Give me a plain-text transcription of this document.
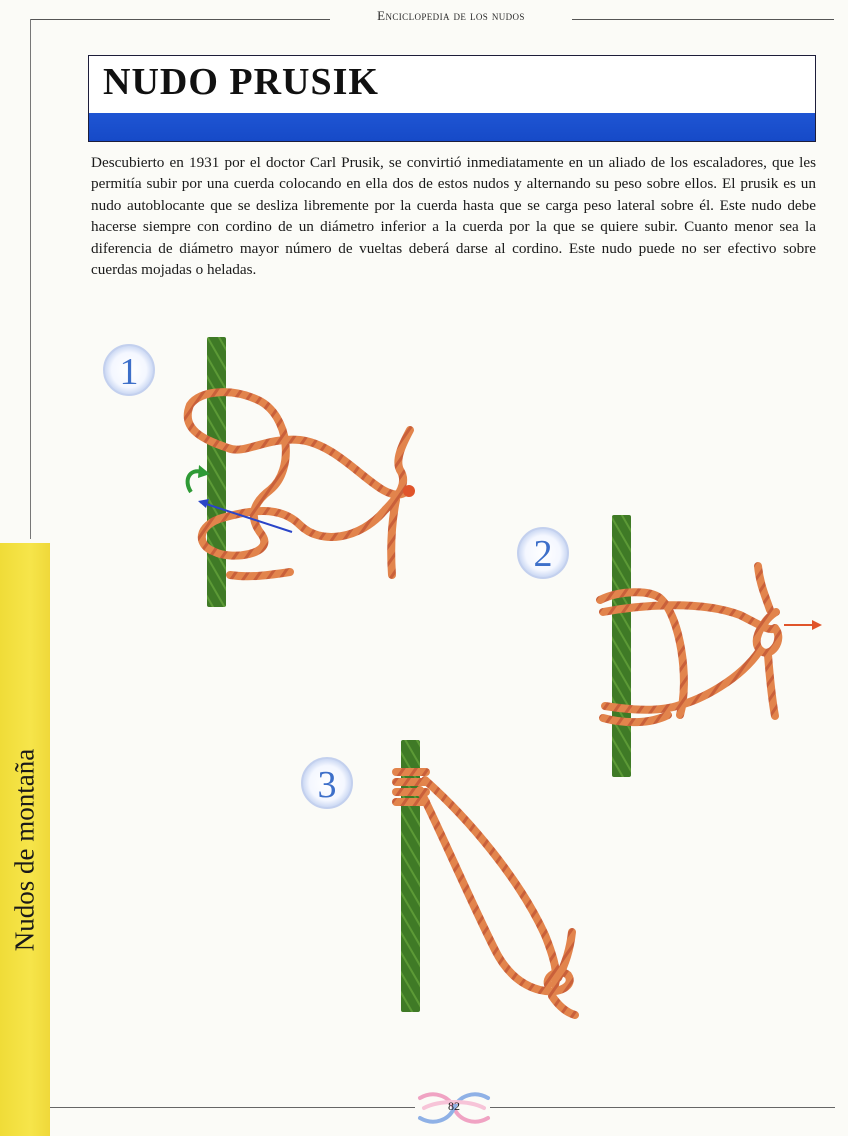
Enciclopedia de los nudos
NUDO PRUSIK
Descubierto en 1931 por el doctor Carl Prusik, se convirtió inmediatamente en un aliado de los escaladores, que les permitía subir por una cuerda colocando en ella dos de estos nudos y alternando su peso sobre ellos. El prusik es un nudo autoblocante que se desliza libremente por la cuerda hasta que se carga peso lateral sobre él. Este nudo debe hacerse siempre con cordino de un diámetro inferior a la cuerda por la que se quiere subir. Cuanto menor sea la diferencia de diámetro mayor número de vueltas deberá darse al cordino. Este nudo puede no ser efectivo sobre cuerdas mojadas o heladas.
1
2
3
Nudos de montaña
82
